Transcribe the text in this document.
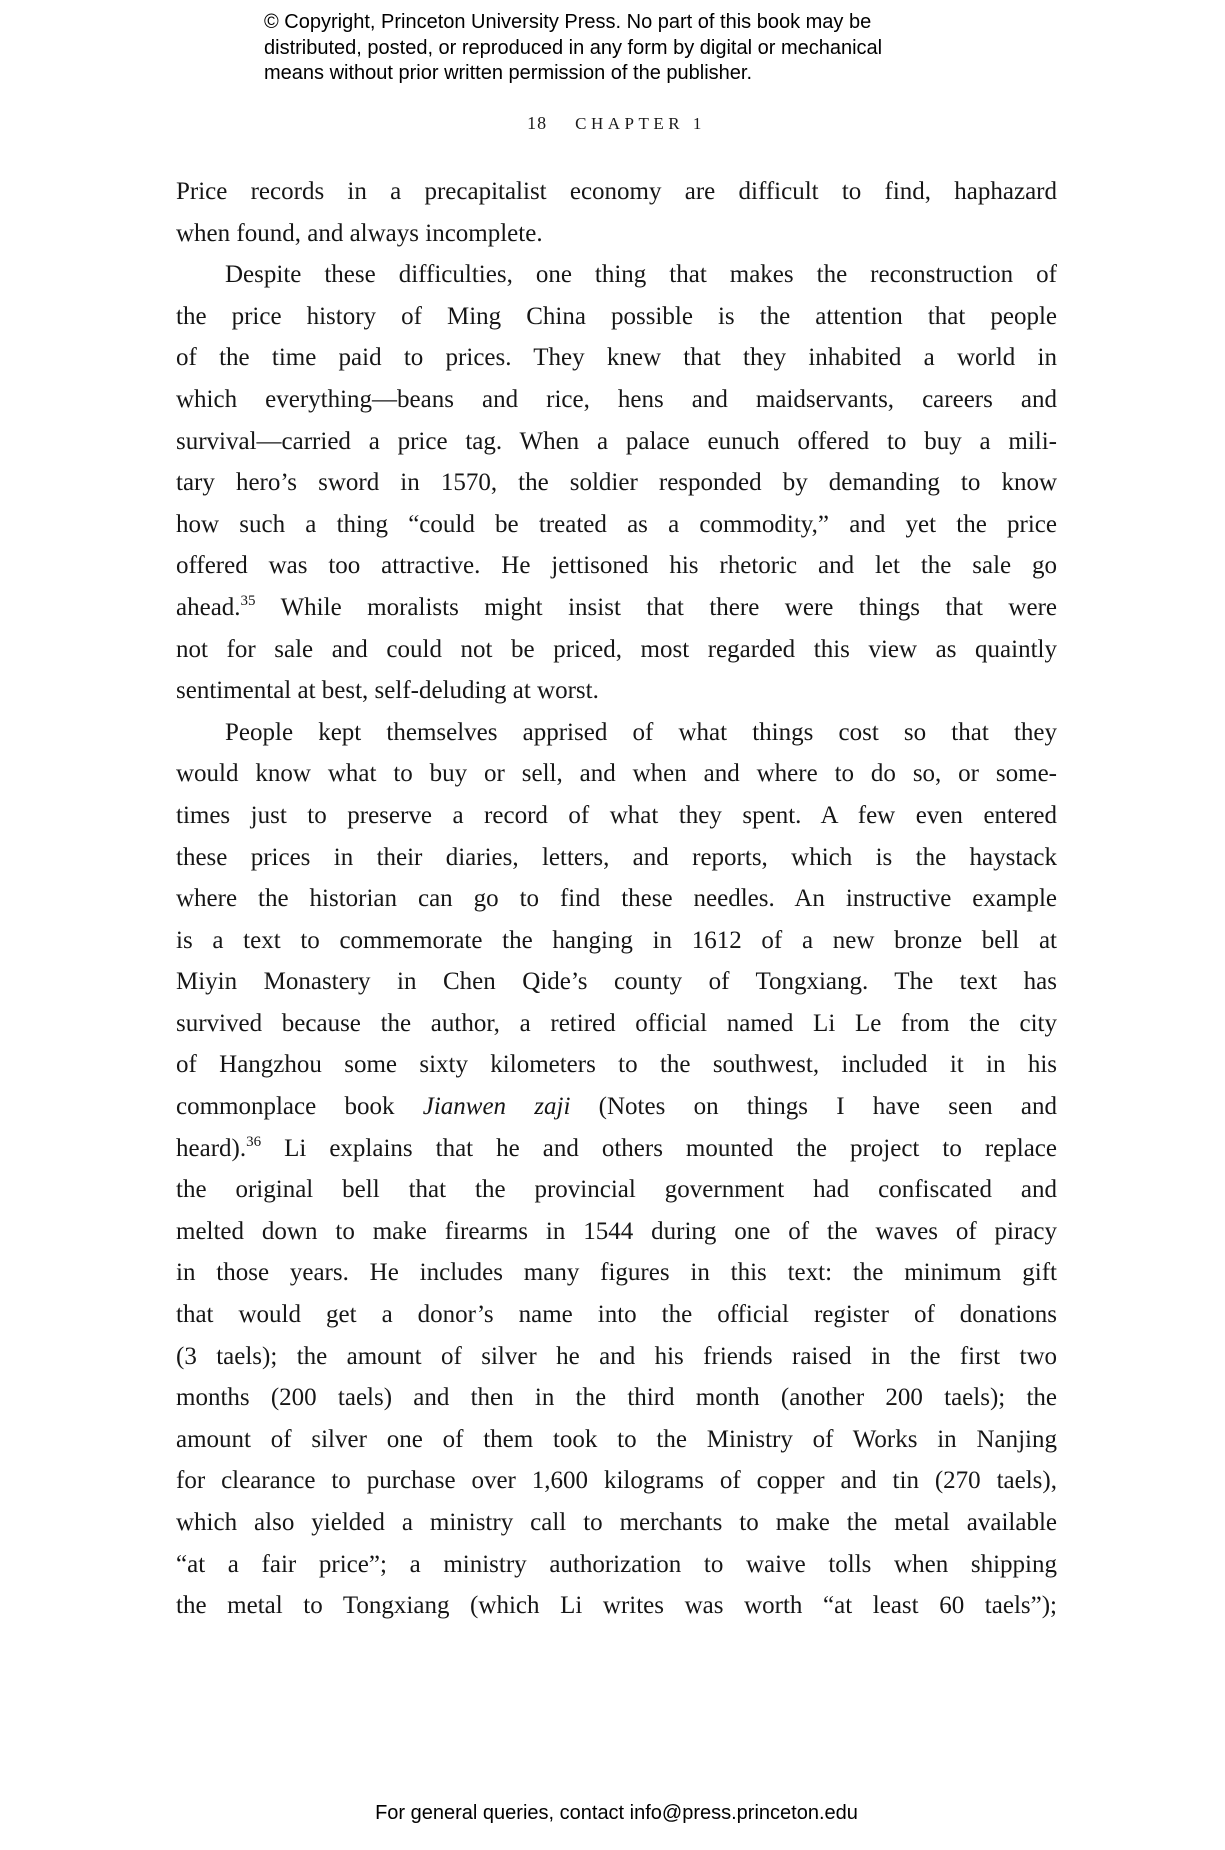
© Copyright, Princeton University Press. No part of this book may be
distributed, posted, or reproduced in any form by digital or mechanical
means without prior written permission of the publisher.
18 CHAPTER 1
Price records in a precapitalist economy are difficult to find, haphazard
when found, and always incomplete.
Despite these difficulties, one thing that makes the reconstruction of
the price history of Ming China possible is the attention that people
of the time paid to prices. They knew that they inhabited a world in
which everything—beans and rice, hens and maidservants, careers and
survival—carried a price tag. When a palace eunuch offered to buy a mili-
tary hero’s sword in 1570, the soldier responded by demanding to know
how such a thing “could be treated as a commodity,” and yet the price
offered was too attractive. He jettisoned his rhetoric and let the sale go
ahead.$^{35}$ While moralists might insist that there were things that were
not for sale and could not be priced, most regarded this view as quaintly
sentimental at best, self-deluding at worst.
People kept themselves apprised of what things cost so that they
would know what to buy or sell, and when and where to do so, or some-
times just to preserve a record of what they spent. A few even entered
these prices in their diaries, letters, and reports, which is the haystack
where the historian can go to find these needles. An instructive example
is a text to commemorate the hanging in 1612 of a new bronze bell at
Miyin Monastery in Chen Qide’s county of Tongxiang. The text has
survived because the author, a retired official named Li Le from the city
of Hangzhou some sixty kilometers to the southwest, included it in his
commonplace book Jianwen zaji (Notes on things I have seen and
heard).$^{36}$ Li explains that he and others mounted the project to replace
the original bell that the provincial government had confiscated and
melted down to make firearms in 1544 during one of the waves of piracy
in those years. He includes many figures in this text: the minimum gift
that would get a donor’s name into the official register of donations
(3 taels); the amount of silver he and his friends raised in the first two
months (200 taels) and then in the third month (another 200 taels); the
amount of silver one of them took to the Ministry of Works in Nanjing
for clearance to purchase over 1,600 kilograms of copper and tin (270 taels),
which also yielded a ministry call to merchants to make the metal available
“at a fair price”; a ministry authorization to waive tolls when shipping
the metal to Tongxiang (which Li writes was worth “at least 60 taels”);
For general queries, contact info@press.princeton.edu
